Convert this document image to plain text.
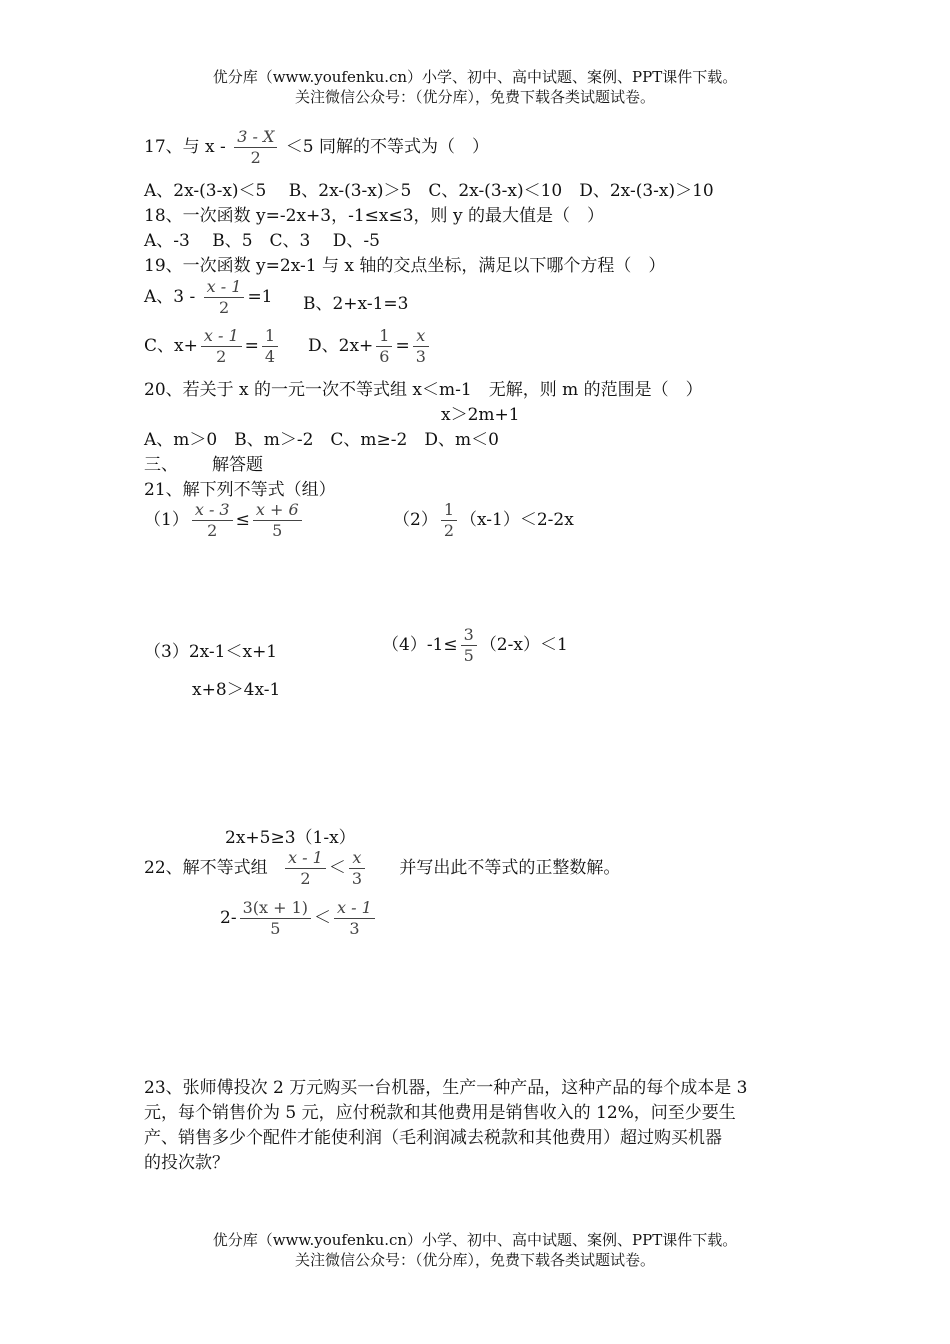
优分库（www.youfenku.cn）小学、初中、高中试题、案例、PPT课件下载。
关注微信公众号：（优分库），免费下载各类试题试卷。
17、与 $x - \frac{3 - X}{2} <5$ 同解的不等式为（　）
A、2x-(3-x)＜5　 B、2x-(3-x)＞5　C、2x-(3-x)＜10　D、2x-(3-x)＞10
18、一次函数 y=-2x+3，-1≤x≤3，则 y 的最大值是（　）
A、-3　 B、5　C、3　 D、-5
19、一次函数 y=2x-1 与 x 轴的交点坐标，满足以下哪个方程（　）
A、$3 - \frac{x - 1}{2} =1$ B、2+x-1=3
C、$x+ \frac{x - 1}{2} = \frac{1}{4}$ D、$2x+ \frac{1}{6} = \frac{x}{3}$
20、若关于 x 的一元一次不等式组 x＜m-1　无解，则 m 的范围是（　）
x＞2m+1
A、m＞0　B、m＞-2　C、m≥-2　D、m＜0
三、 解答题
21、解下列不等式（组）
$(1) \frac{x - 3}{2} \le \frac{x + 6}{5}$	$(2) \frac{1}{2} (x-1)<2-2x$
（3）2x-1＜x+1
x+8＞4x-1
$(4)-1\le \frac{3}{5} (2-x)<1$
2x+5≥3（1-x）
22、解不等式组 $\frac{x - 1}{2} < \frac{x}{3}$ 并写出此不等式的正整数解。
$2- \frac{3(x + 1)}{5} < \frac{x - 1}{3}$
23、张师傅投次 2 万元购买一台机器，生产一种产品，这种产品的每个成本是 3
元，每个销售价为 5 元，应付税款和其他费用是销售收入的 12%，问至少要生
产、销售多少个配件才能使利润（毛利润减去税款和其他费用）超过购买机器
的投次款？
优分库（www.youfenku.cn）小学、初中、高中试题、案例、PPT课件下载。
关注微信公众号：（优分库），免费下载各类试题试卷。
